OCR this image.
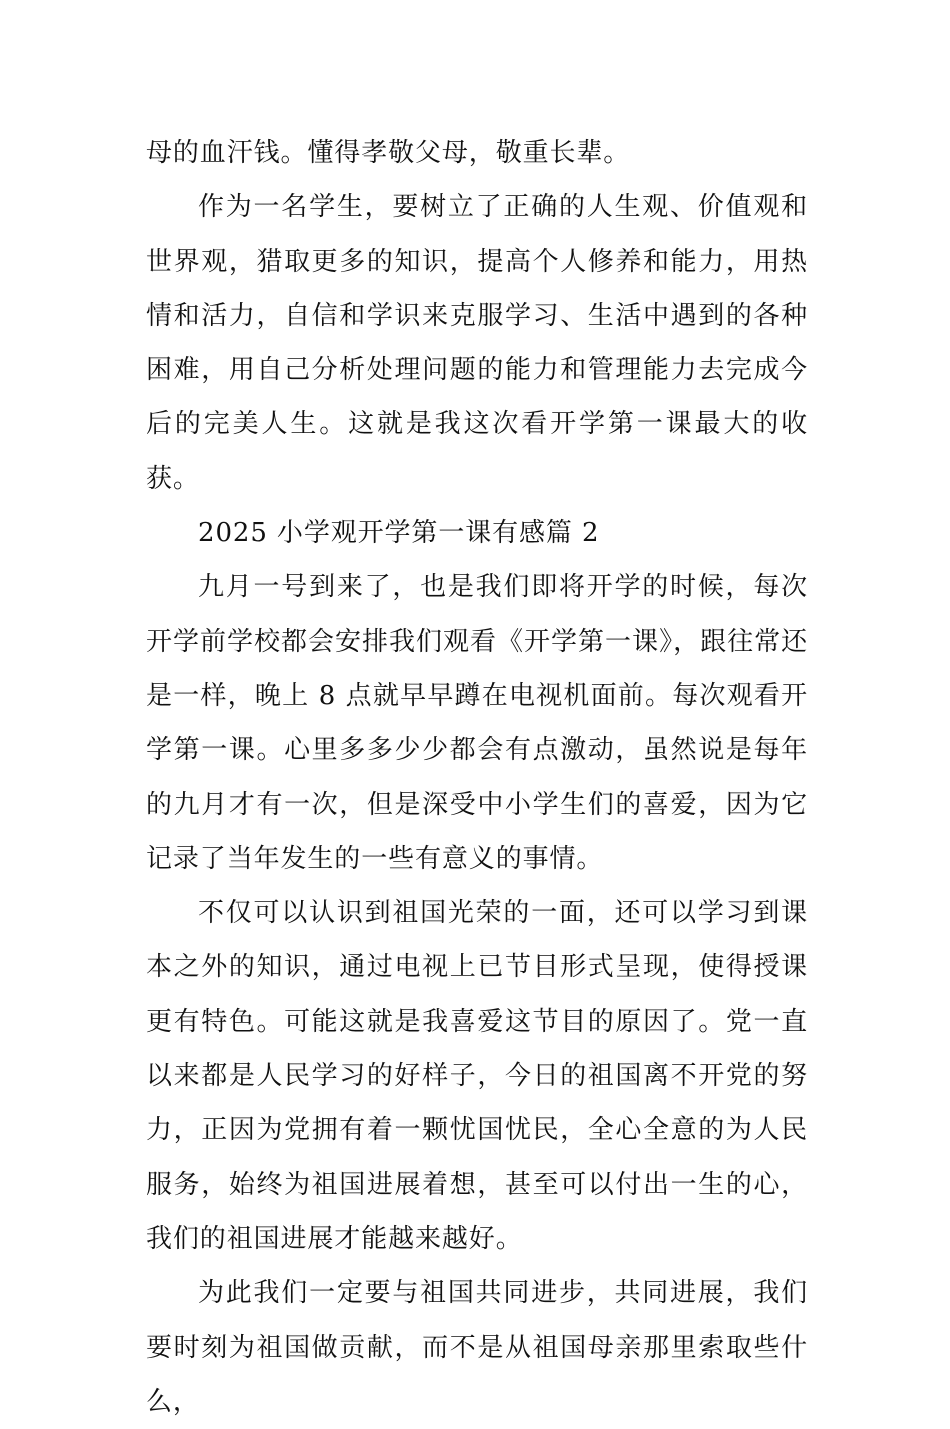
母的血汗钱。懂得孝敬父母，敬重长辈。

作为一名学生，要树立了正确的人生观、价值观和世界观，猎取更多的知识，提高个人修养和能力，用热情和活力，自信和学识来克服学习、生活中遇到的各种困难，用自己分析处理问题的能力和管理能力去完成今后的完美人生。这就是我这次看开学第一课最大的收获。

2025 小学观开学第一课有感篇 2

九月一号到来了，也是我们即将开学的时候，每次开学前学校都会安排我们观看《开学第一课》，跟往常还是一样，晚上 8 点就早早蹲在电视机面前。每次观看开学第一课。心里多多少少都会有点激动，虽然说是每年的九月才有一次，但是深受中小学生们的喜爱，因为它记录了当年发生的一些有意义的事情。

不仅可以认识到祖国光荣的一面，还可以学习到课本之外的知识，通过电视上已节目形式呈现，使得授课更有特色。可能这就是我喜爱这节目的原因了。党一直以来都是人民学习的好样子，今日的祖国离不开党的努力，正因为党拥有着一颗忧国忧民，全心全意的为人民服务，始终为祖国进展着想，甚至可以付出一生的心，我们的祖国进展才能越来越好。

为此我们一定要与祖国共同进步，共同进展，我们要时刻为祖国做贡献，而不是从祖国母亲那里索取些什么，
